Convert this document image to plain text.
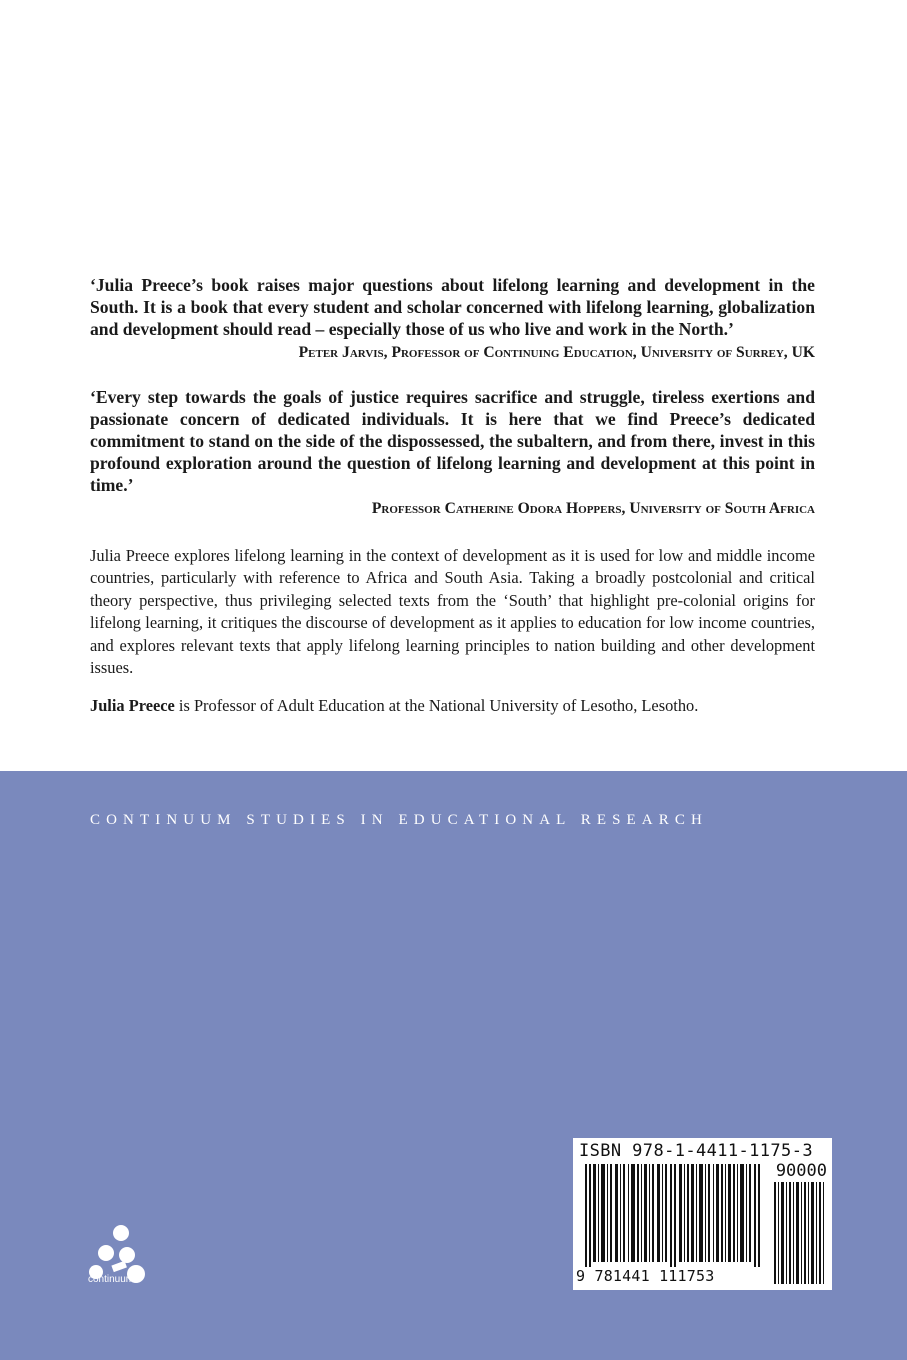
‘Julia Preece’s book raises major questions about lifelong learning and development in the South. It is a book that every student and scholar concerned with lifelong learning, globalization and development should read – especially those of us who live and work in the North.’

Peter Jarvis, Professor of Continuing Education, University of Surrey, UK

‘Every step towards the goals of justice requires sacrifice and struggle, tireless exertions and passionate concern of dedicated individuals. It is here that we find Preece’s dedicated commitment to stand on the side of the dispossessed, the subaltern, and from there, invest in this profound exploration around the question of lifelong learning and development at this point in time.’

Professor Catherine Odora Hoppers, University of South Africa

Julia Preece explores lifelong learning in the context of development as it is used for low and middle income countries, particularly with reference to Africa and South Asia. Taking a broadly postcolonial and critical theory perspective, thus privileging selected texts from the ‘South’ that highlight pre-colonial origins for lifelong learning, it critiques the discourse of development as it applies to education for low income countries, and explores relevant texts that apply lifelong learning principles to nation building and other development issues.

Julia Preece is Professor of Adult Education at the National University of Lesotho, Lesotho.

CONTINUUM STUDIES IN EDUCATIONAL RESEARCH
continuum
ISBN 978-1-4411-1175-3
90000
9 781441 111753
